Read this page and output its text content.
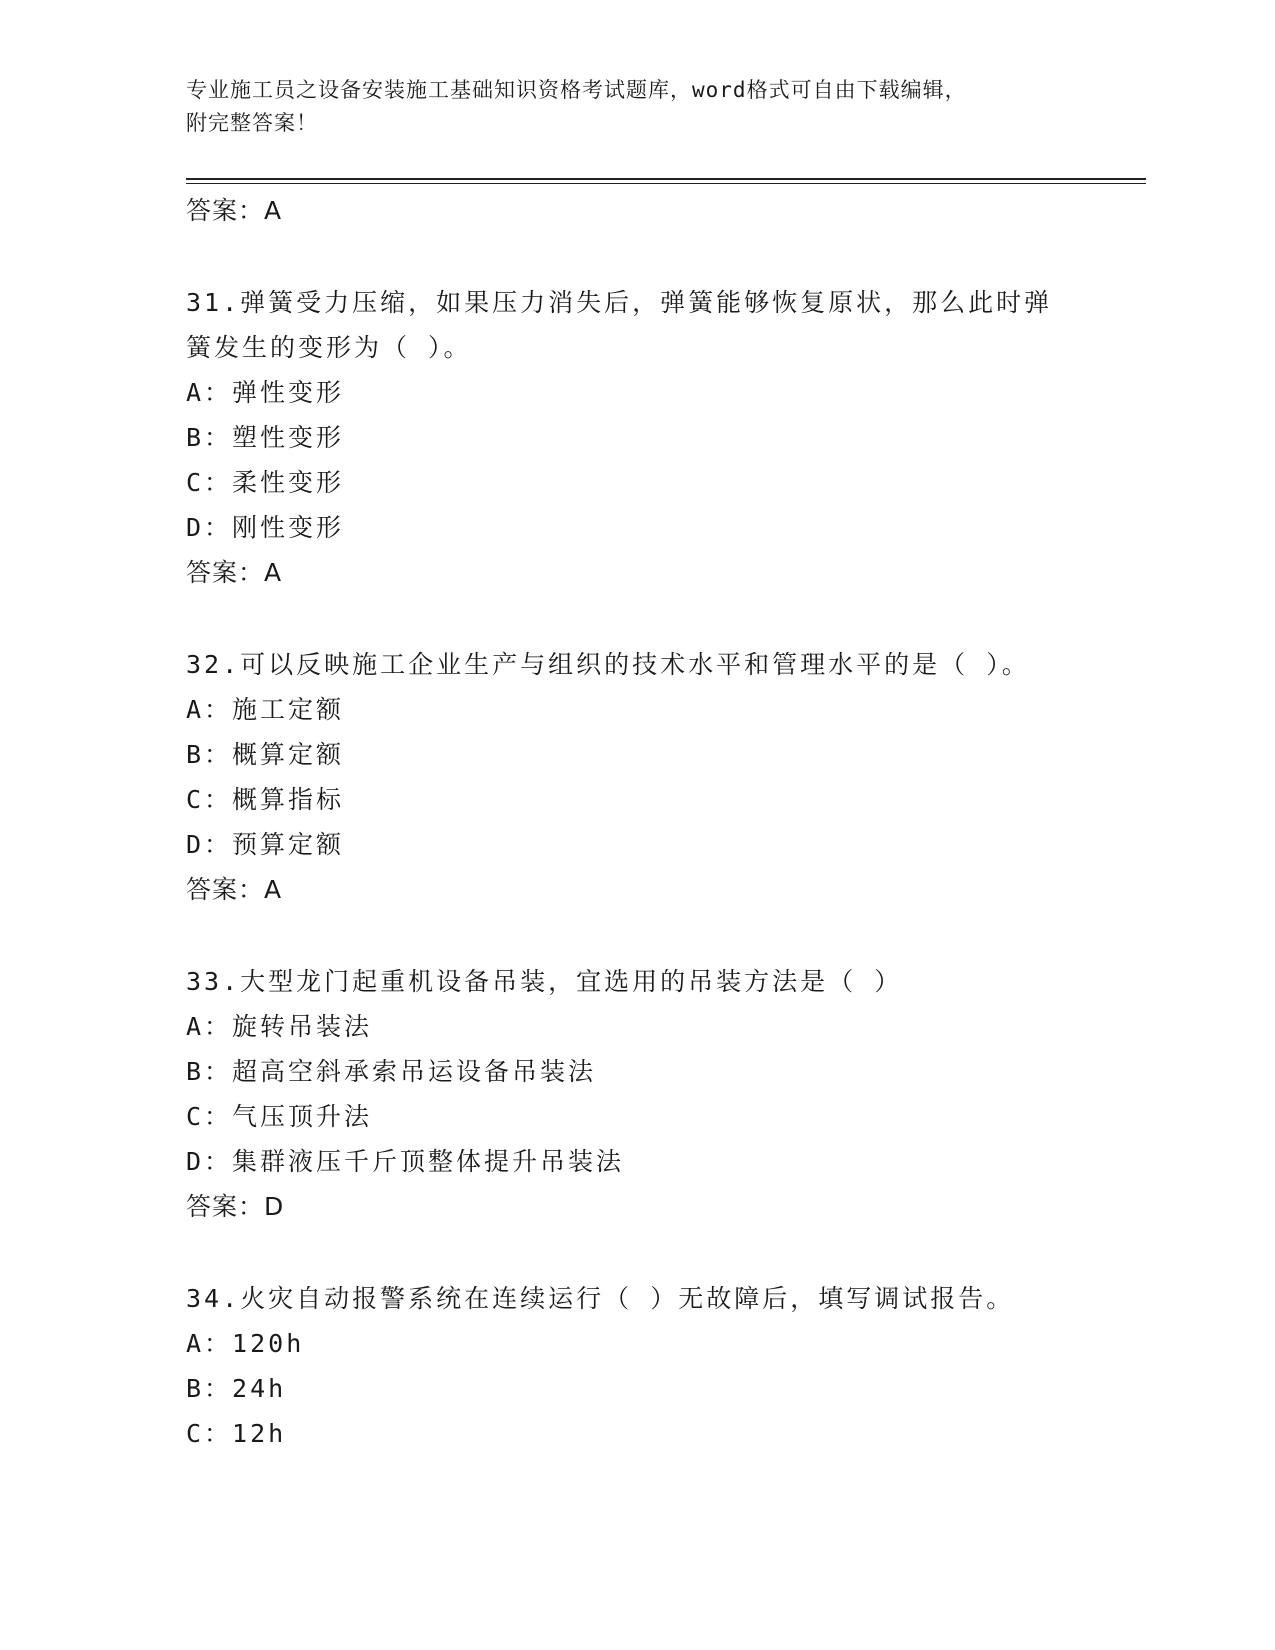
专业施工员之设备安装施工基础知识资格考试题库，word格式可自由下载编辑，
附完整答案！
答案：A
31.弹簧受力压缩，如果压力消失后，弹簧能够恢复原状，那么此时弹
簧发生的变形为（ ）。
A：弹性变形
B：塑性变形
C：柔性变形
D：刚性变形
答案：A
32.可以反映施工企业生产与组织的技术水平和管理水平的是（ ）。
A：施工定额
B：概算定额
C：概算指标
D：预算定额
答案：A
33.大型龙门起重机设备吊装，宜选用的吊装方法是（ ）
A：旋转吊装法
B：超高空斜承索吊运设备吊装法
C：气压顶升法
D：集群液压千斤顶整体提升吊装法
答案：D
34.火灾自动报警系统在连续运行（ ）无故障后，填写调试报告。
A：120h
B：24h
C：12h
